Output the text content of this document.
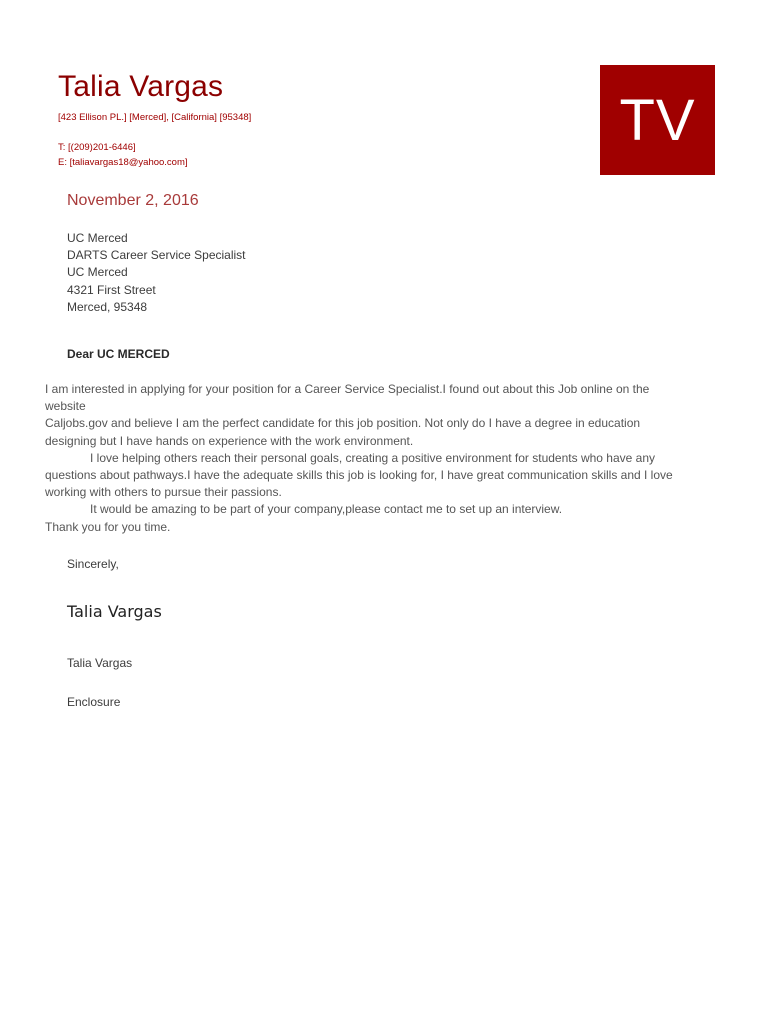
Talia Vargas
[423 Ellison PL.] [Merced], [California] [95348]
T: [(209)201-6446]
E: [taliavargas18@yahoo.com]
TV
November 2, 2016
UC Merced
DARTS Career Service Specialist
UC Merced
4321 First Street
Merced, 95348
Dear UC MERCED
I am interested in applying for your position for a Career Service Specialist.I found out about this Job online on the
website
Caljobs.gov and believe I am the perfect candidate for this job position. Not only do I have a degree in education
designing but I have hands on experience with the work environment.
I love helping others reach their personal goals, creating a positive environment for students who have any
questions about pathways.I have the adequate skills this job is looking for, I have great communication skills and I love
working with others to pursue their passions.
It would be amazing to be part of your company,please contact me to set up an interview.
Thank you for you time.
Sincerely,
Talia Vargas
Talia Vargas
Enclosure
